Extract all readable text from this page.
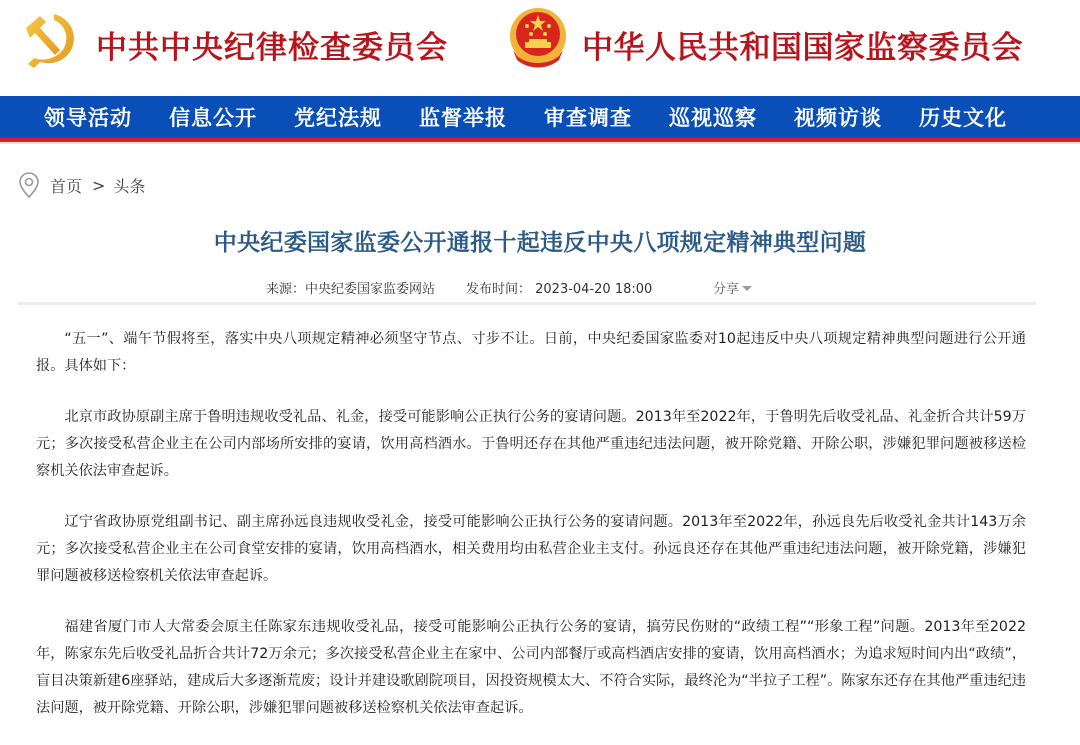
中共中央纪律检查委员会	中华人民共和国国家监察委员会
领导活动 信息公开 党纪法规 监督举报 审查调查 巡视巡察 视频访谈 历史文化
首页 > 头条
中央纪委国家监委公开通报十起违反中央八项规定精神典型问题
来源：中央纪委国家监委网站 发布时间： 2023-04-20 18:00	分享

“五一”、端午节假将至，落实中央八项规定精神必须坚守节点、寸步不让。日前，中央纪委国家监委对10起违反中央八项规定精神典型问题进行公开通报。具体如下：

北京市政协原副主席于鲁明违规收受礼品、礼金，接受可能影响公正执行公务的宴请问题。2013年至2022年，于鲁明先后收受礼品、礼金折合共计59万元；多次接受私营企业主在公司内部场所安排的宴请，饮用高档酒水。于鲁明还存在其他严重违纪违法问题，被开除党籍、开除公职，涉嫌犯罪问题被移送检察机关依法审查起诉。

辽宁省政协原党组副书记、副主席孙远良违规收受礼金，接受可能影响公正执行公务的宴请问题。2013年至2022年，孙远良先后收受礼金共计143万余元；多次接受私营企业主在公司食堂安排的宴请，饮用高档酒水，相关费用均由私营企业主支付。孙远良还存在其他严重违纪违法问题，被开除党籍，涉嫌犯罪问题被移送检察机关依法审查起诉。

福建省厦门市人大常委会原主任陈家东违规收受礼品，接受可能影响公正执行公务的宴请，搞劳民伤财的“政绩工程”“形象工程”问题。2013年至2022年，陈家东先后收受礼品折合共计72万余元；多次接受私营企业主在家中、公司内部餐厅或高档酒店安排的宴请，饮用高档酒水；为追求短时间内出“政绩”，盲目决策新建6座驿站，建成后大多逐渐荒废；设计并建设歌剧院项目，因投资规模太大、不符合实际，最终沦为“半拉子工程”。陈家东还存在其他严重违纪违法问题，被开除党籍、开除公职，涉嫌犯罪问题被移送检察机关依法审查起诉。
